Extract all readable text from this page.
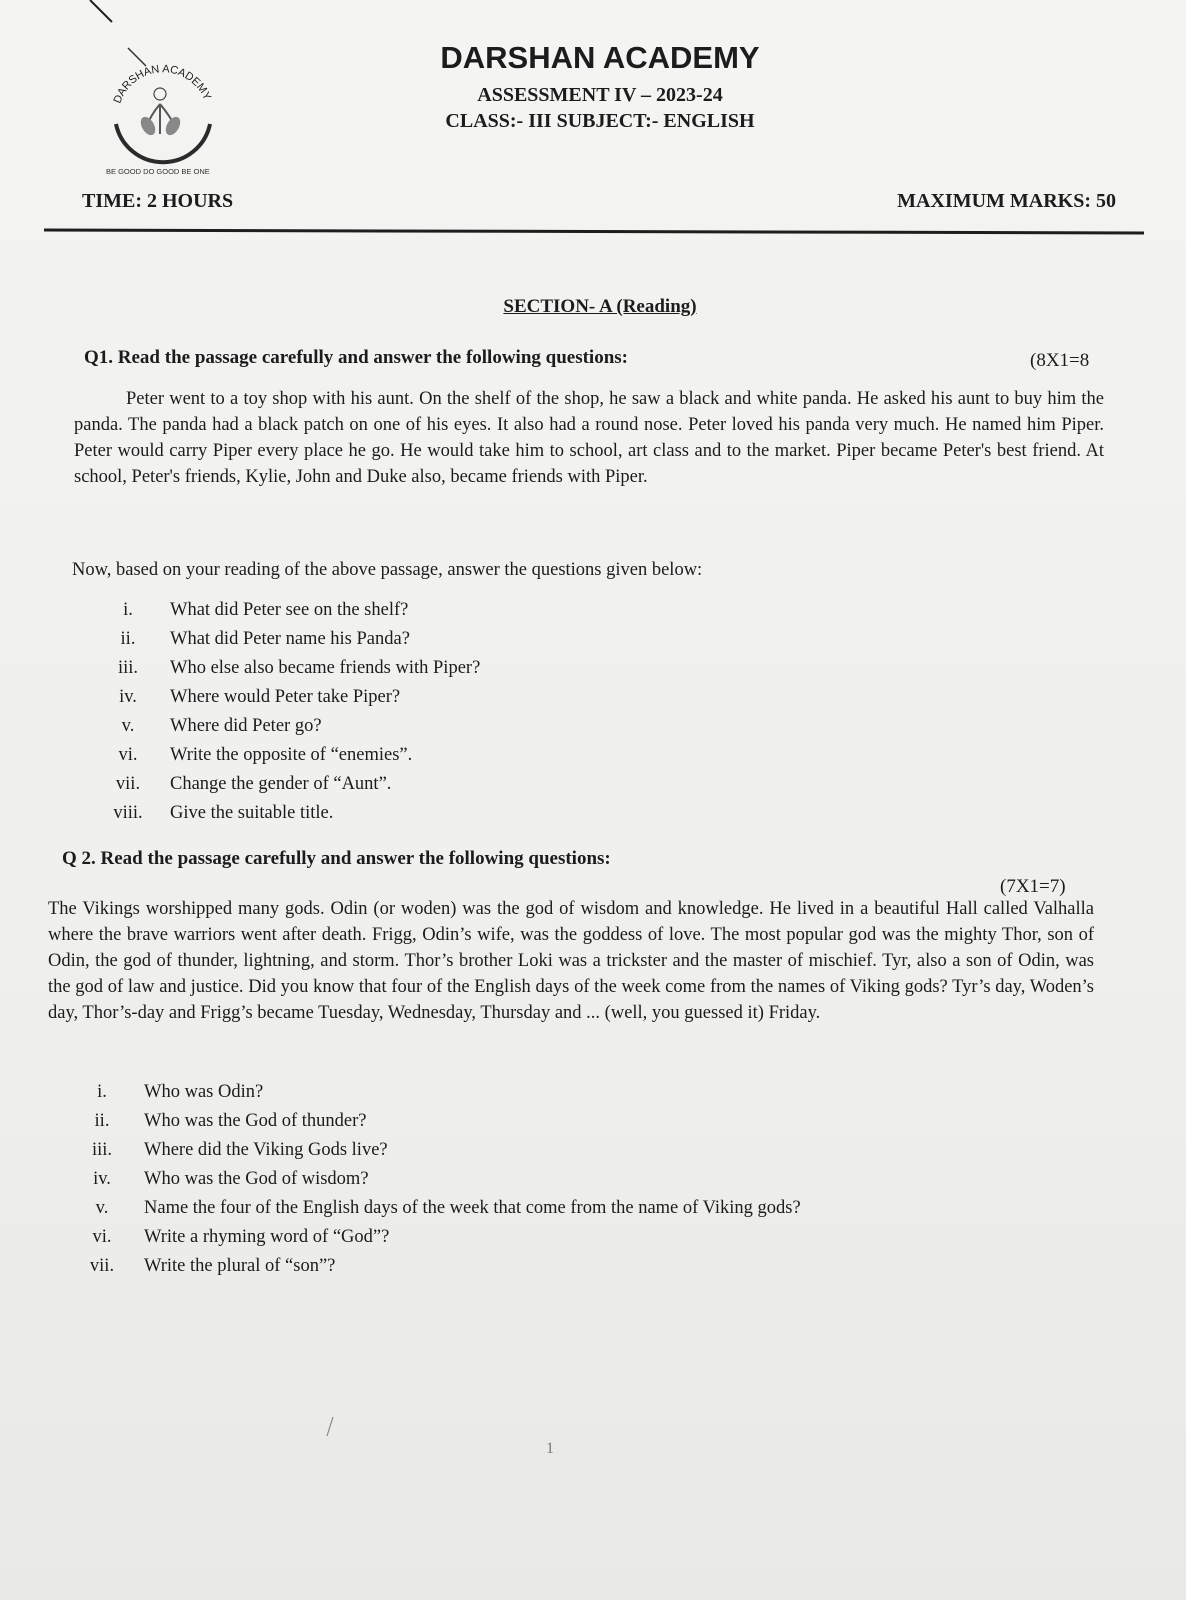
DARSHAN ACADEMY
BE GOOD DO GOOD BE ONE
DARSHAN ACADEMY
ASSESSMENT IV – 2023-24
CLASS:- III SUBJECT:- ENGLISH
TIME: 2 HOURS	MAXIMUM MARKS: 50
SECTION- A (Reading)
Q1. Read the passage carefully and answer the following questions:	(8X1=8
Peter went to a toy shop with his aunt. On the shelf of the shop, he saw a black and white panda. He asked his aunt to buy him the panda. The panda had a black patch on one of his eyes. It also had a round nose. Peter loved his panda very much. He named him Piper. Peter would carry Piper every place he go. He would take him to school, art class and to the market. Piper became Peter's best friend. At school, Peter's friends, Kylie, John and Duke also, became friends with Piper.
Now, based on your reading of the above passage, answer the questions given below:
i. What did Peter see on the shelf?
ii. What did Peter name his Panda?
iii. Who else also became friends with Piper?
iv. Where would Peter take Piper?
v. Where did Peter go?
vi. Write the opposite of “enemies”.
vii. Change the gender of “Aunt”.
viii. Give the suitable title.
Q 2. Read the passage carefully and answer the following questions:
(7X1=7)
The Vikings worshipped many gods. Odin (or woden) was the god of wisdom and knowledge. He lived in a beautiful Hall called Valhalla where the brave warriors went after death. Frigg, Odin’s wife, was the goddess of love. The most popular god was the mighty Thor, son of Odin, the god of thunder, lightning, and storm. Thor’s brother Loki was a trickster and the master of mischief. Tyr, also a son of Odin, was the god of law and justice. Did you know that four of the English days of the week come from the names of Viking gods? Tyr’s day, Woden’s day, Thor’s-day and Frigg’s became Tuesday, Wednesday, Thursday and ... (well, you guessed it) Friday.
i. Who was Odin?
ii. Who was the God of thunder?
iii. Where did the Viking Gods live?
iv. Who was the God of wisdom?
v. Name the four of the English days of the week that come from the name of Viking gods?
vi. Write a rhyming word of “God”?
vii. Write the plural of “son”?
1
